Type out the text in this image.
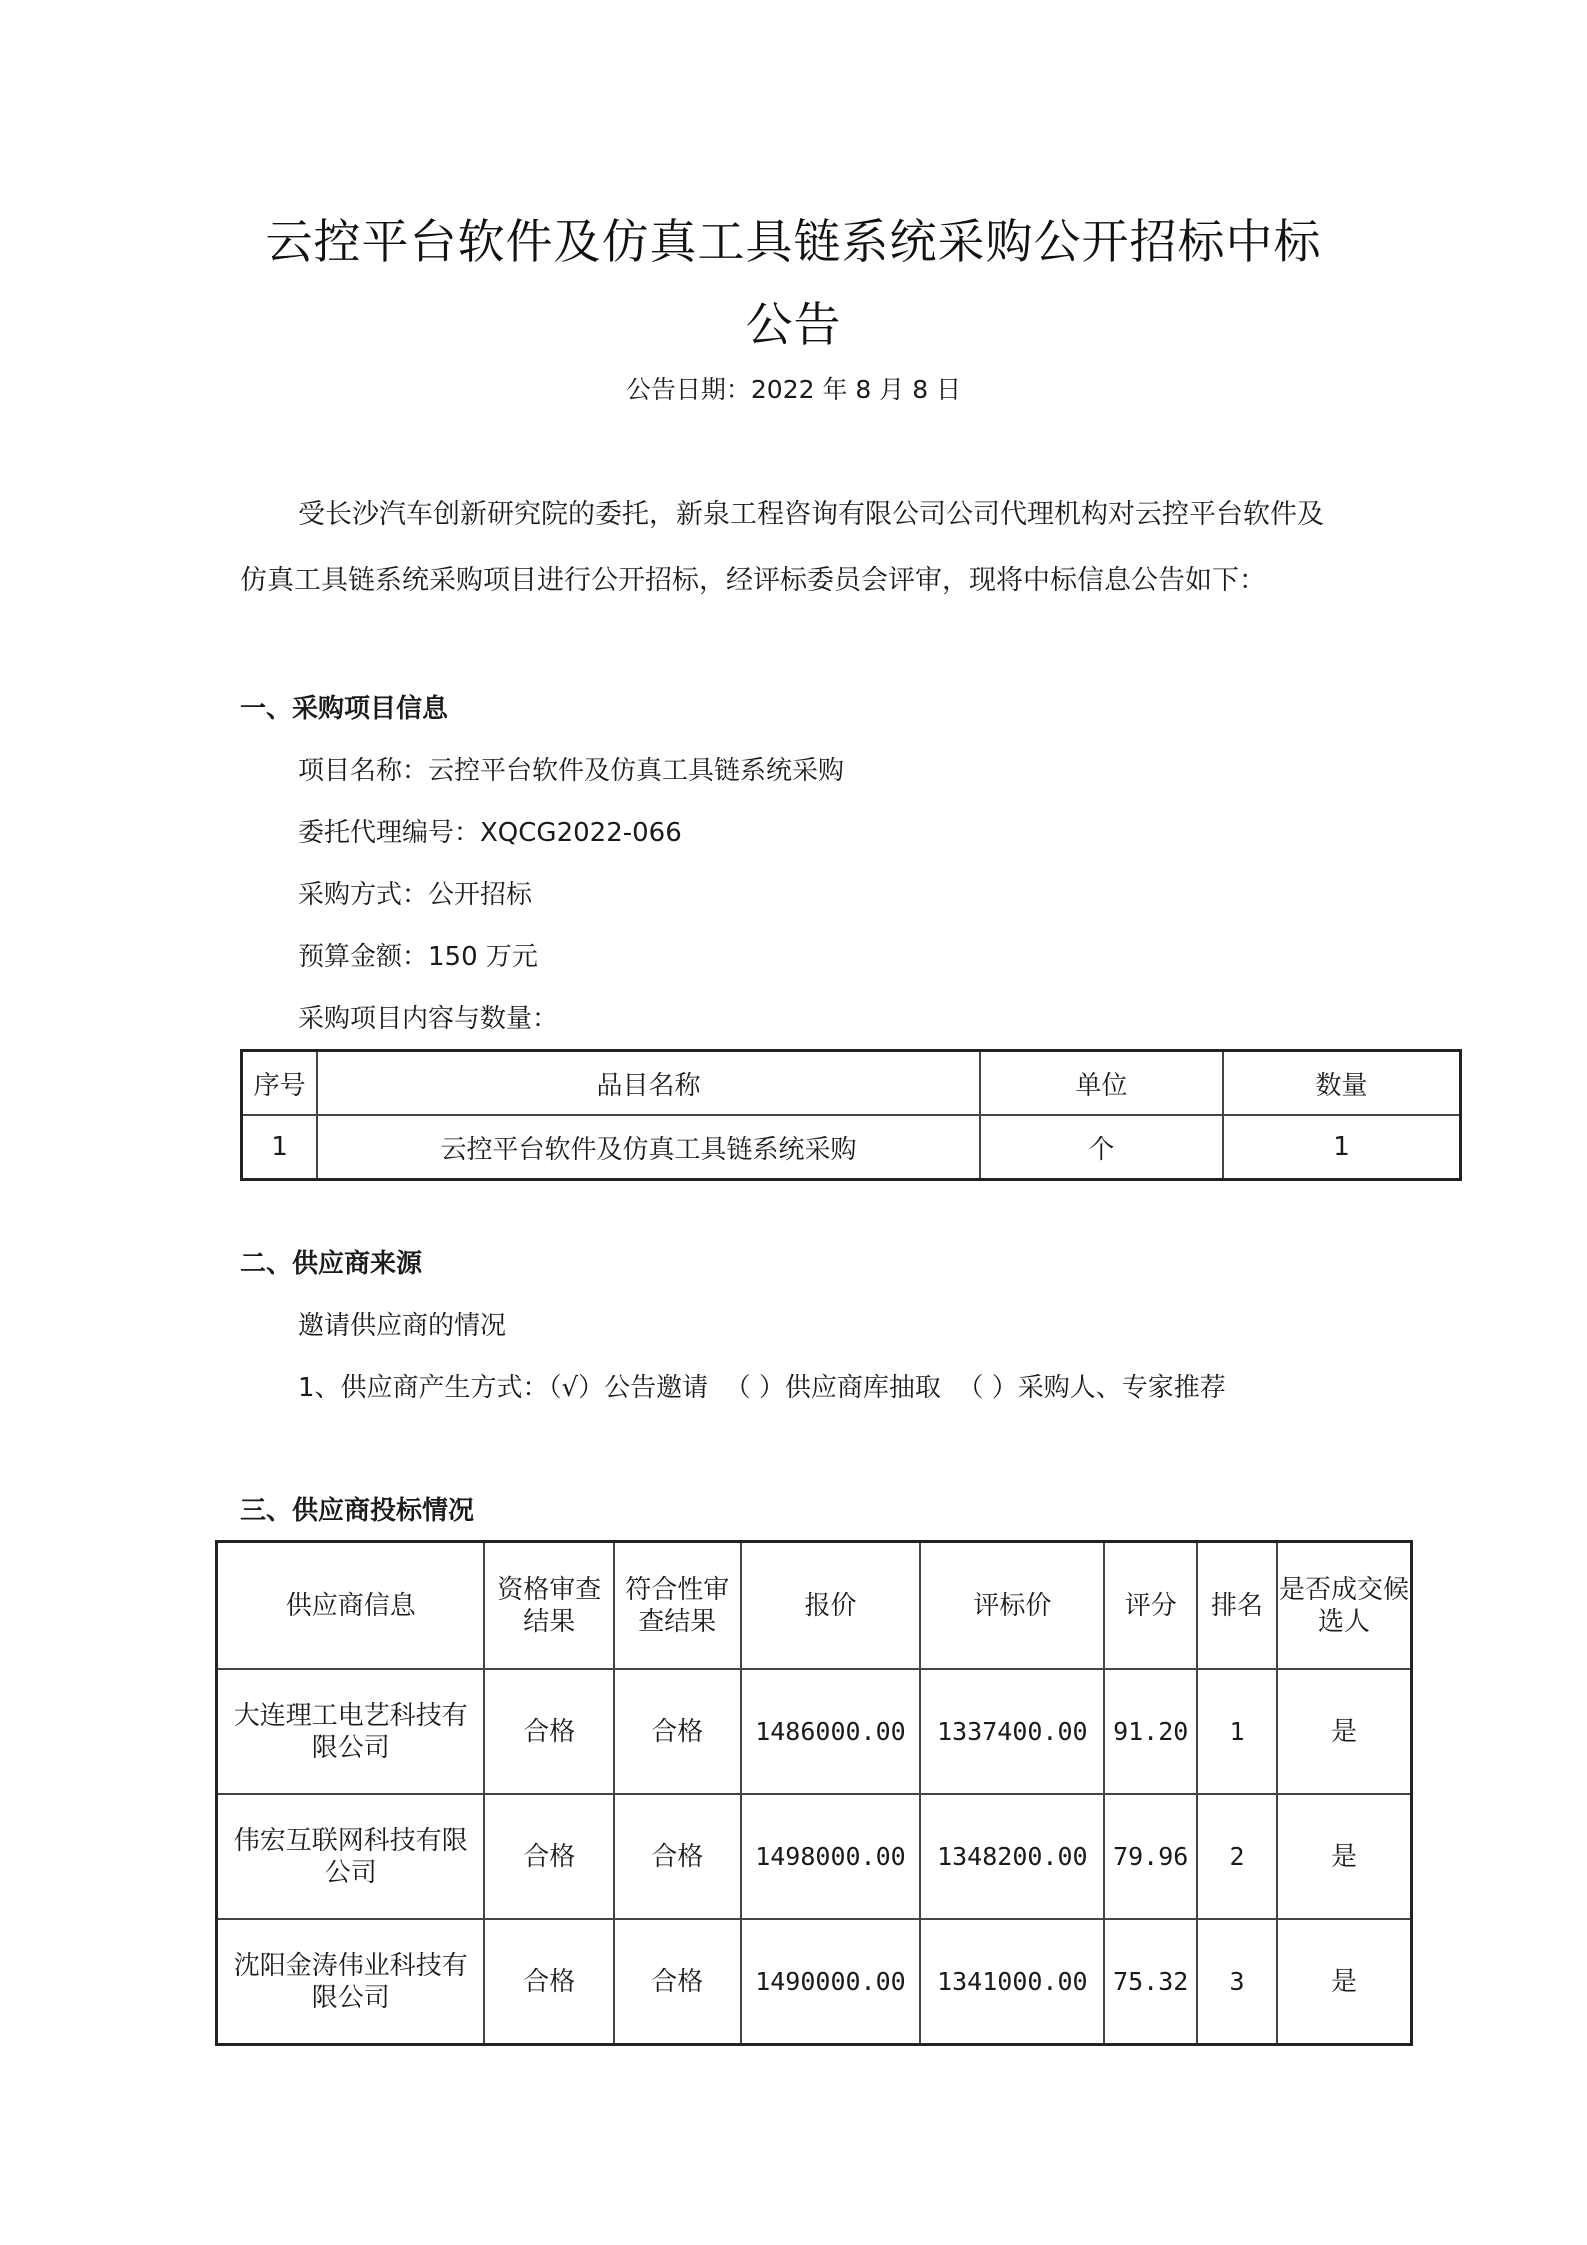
云控平台软件及仿真工具链系统采购公开招标中标
公告
公告日期：2022 年 8 月 8 日
受长沙汽车创新研究院的委托，新泉工程咨询有限公司公司代理机构对云控平台软件及
仿真工具链系统采购项目进行公开招标，经评标委员会评审，现将中标信息公告如下：
一、采购项目信息
项目名称：云控平台软件及仿真工具链系统采购
委托代理编号：XQCG2022-066
采购方式：公开招标
预算金额：150 万元
采购项目内容与数量：
序号	品目名称	单位	数量
1	云控平台软件及仿真工具链系统采购	个	1
二、供应商来源
邀请供应商的情况
1、供应商产生方式：（√）公告邀请  （ ）供应商库抽取  （ ）采购人、专家推荐
三、供应商投标情况
供应商信息	资格审查结果	符合性审查结果	报价	评标价	评分	排名	是否成交候选人
大连理工电艺科技有限公司	合格	合格	1486000.00	1337400.00	91.20	1	是
伟宏互联网科技有限公司	合格	合格	1498000.00	1348200.00	79.96	2	是
沈阳金涛伟业科技有限公司	合格	合格	1490000.00	1341000.00	75.32	3	是
